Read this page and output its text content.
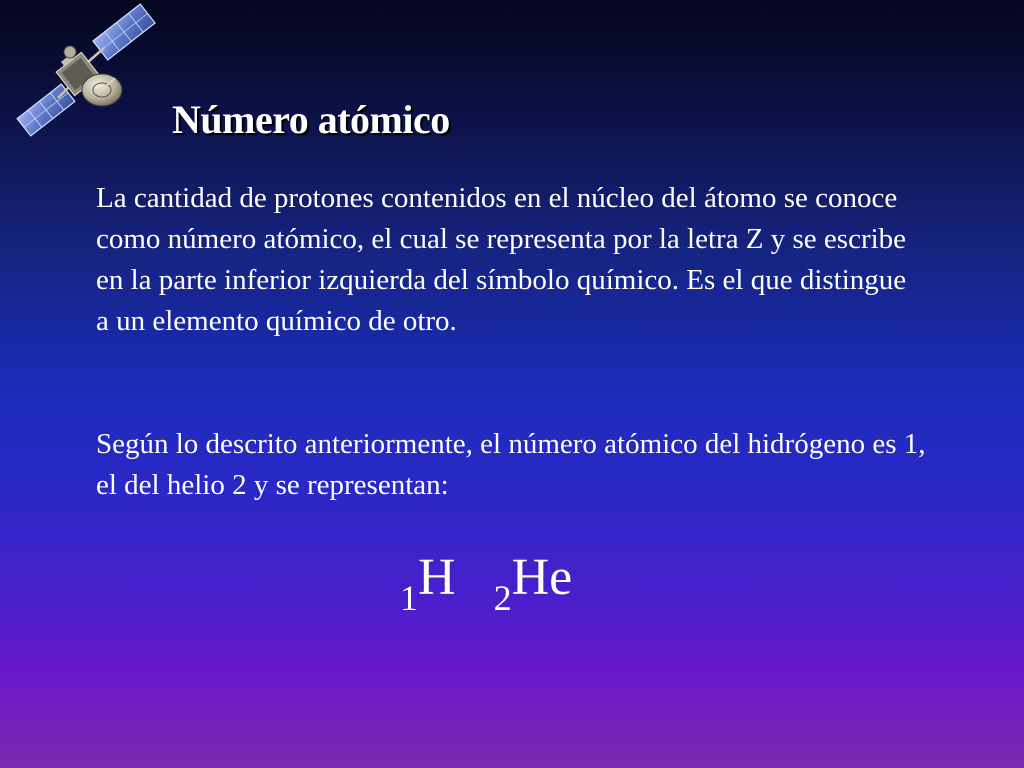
Número atómico

La cantidad de protones contenidos en el núcleo del átomo se conoce como número atómico, el cual se representa por la letra Z y se escribe en la parte inferior izquierda del símbolo químico. Es el que distingue a un elemento químico de otro.

Según lo descrito anteriormente, el número atómico del hidrógeno es 1, el del helio 2 y se representan:

$_1$H $_2$He
